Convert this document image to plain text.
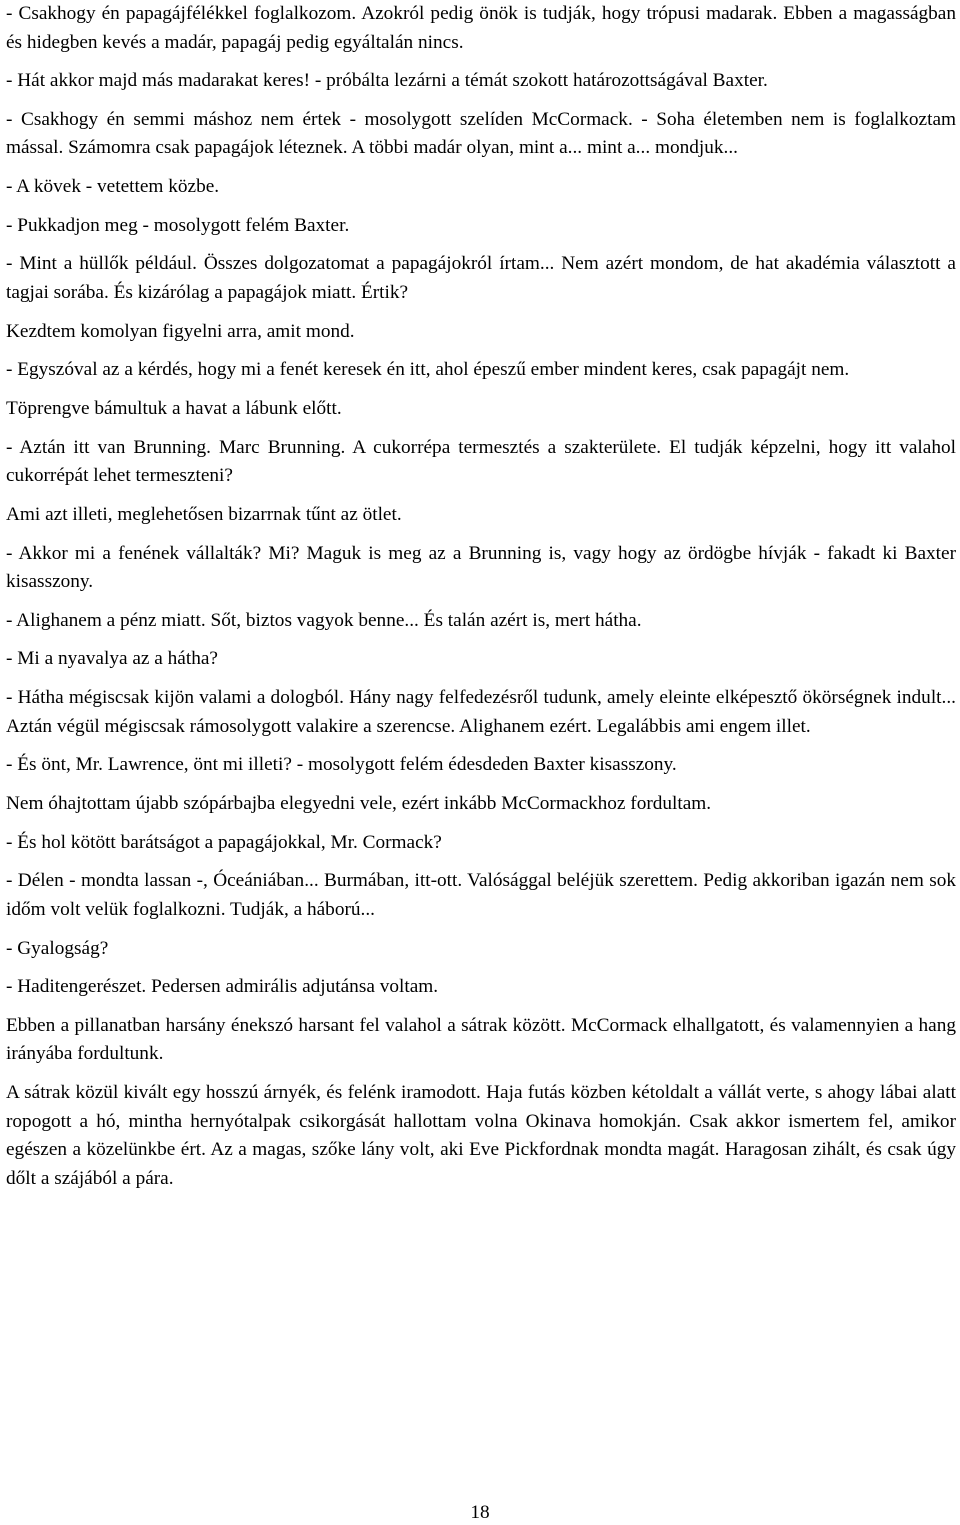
- Csakhogy én papagájfélékkel foglalkozom. Azokról pedig önök is tudják, hogy trópusi madarak. Ebben a magasságban és hidegben kevés a madár, papagáj pedig egyáltalán nincs.

- Hát akkor majd más madarakat keres! - próbálta lezárni a témát szokott határozottságával Baxter.

- Csakhogy én semmi máshoz nem értek - mosolygott szelíden McCormack. - Soha életemben nem is foglalkoztam mással. Számomra csak papagájok léteznek. A többi madár olyan, mint a... mint a... mondjuk...

- A kövek - vetettem közbe.

- Pukkadjon meg - mosolygott felém Baxter.

- Mint a hüllők például. Összes dolgozatomat a papagájokról írtam... Nem azért mondom, de hat akadémia választott a tagjai sorába. És kizárólag a papagájok miatt. Értik?

Kezdtem komolyan figyelni arra, amit mond.

- Egyszóval az a kérdés, hogy mi a fenét keresek én itt, ahol épeszű ember mindent keres, csak papagájt nem.

Töprengve bámultuk a havat a lábunk előtt.

- Aztán itt van Brunning. Marc Brunning. A cukorrépa termesztés a szakterülete. El tudják képzelni, hogy itt valahol cukorrépát lehet termeszteni?

Ami azt illeti, meglehetősen bizarrnak tűnt az ötlet.

- Akkor mi a fenének vállalták? Mi? Maguk is meg az a Brunning is, vagy hogy az ördögbe hívják - fakadt ki Baxter kisasszony.

- Alighanem a pénz miatt. Sőt, biztos vagyok benne... És talán azért is, mert hátha.

- Mi a nyavalya az a hátha?

- Hátha mégiscsak kijön valami a dologból. Hány nagy felfedezésről tudunk, amely eleinte elképesztő ökörségnek indult... Aztán végül mégiscsak rámosolygott valakire a szerencse. Alighanem ezért. Legalábbis ami engem illet.

- És önt, Mr. Lawrence, önt mi illeti? - mosolygott felém édesdeden Baxter kisasszony.

Nem óhajtottam újabb szópárbajba elegyedni vele, ezért inkább McCormackhoz fordultam.

- És hol kötött barátságot a papagájokkal, Mr. Cormack?

- Délen - mondta lassan -, Óceániában... Burmában, itt-ott. Valósággal beléjük szerettem. Pedig akkoriban igazán nem sok időm volt velük foglalkozni. Tudják, a háború...

- Gyalogság?

- Haditengerészet. Pedersen admirális adjutánsa voltam.

Ebben a pillanatban harsány énekszó harsant fel valahol a sátrak között. McCormack elhallgatott, és valamennyien a hang irányába fordultunk.

A sátrak közül kivált egy hosszú árnyék, és felénk iramodott. Haja futás közben kétoldalt a vállát verte, s ahogy lábai alatt ropogott a hó, mintha hernyótalpak csikorgását hallottam volna Okinava homokján. Csak akkor ismertem fel, amikor egészen a közelünkbe ért. Az a magas, szőke lány volt, aki Eve Pickfordnak mondta magát. Haragosan zihált, és csak úgy dőlt a szájából a pára.

18
